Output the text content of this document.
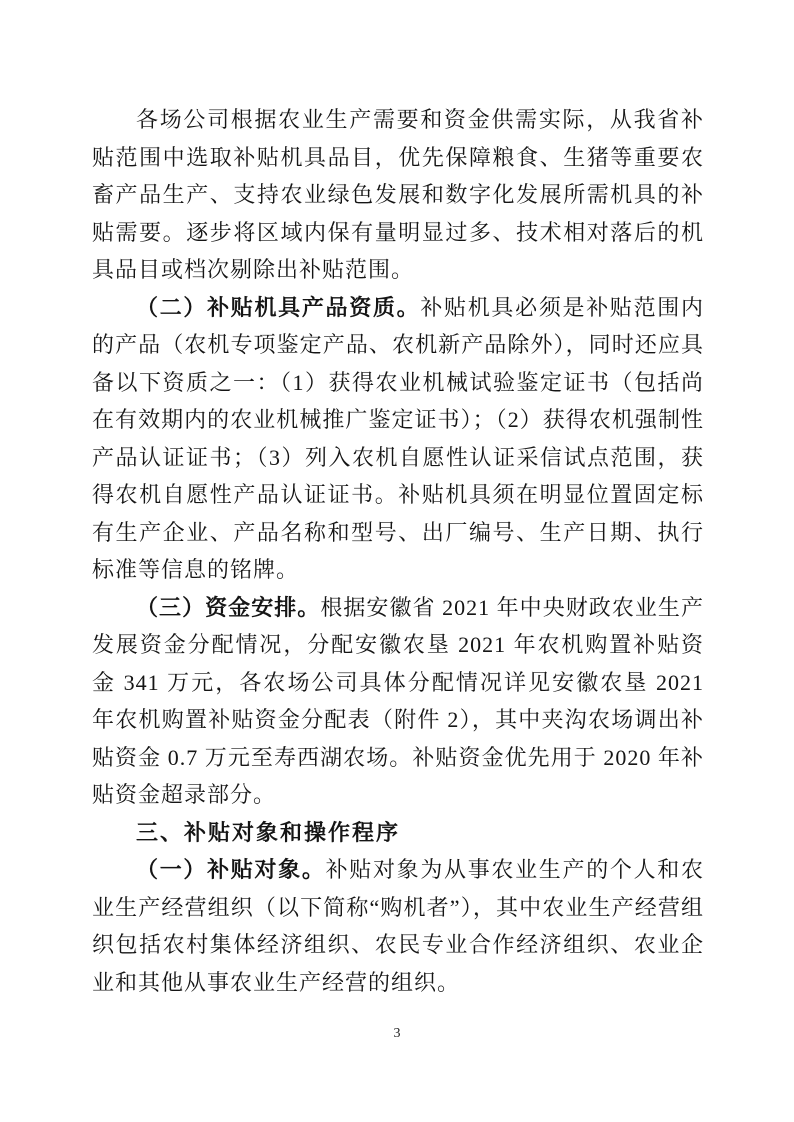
各场公司根据农业生产需要和资金供需实际，从我省补贴范围中选取补贴机具品目，优先保障粮食、生猪等重要农畜产品生产、支持农业绿色发展和数字化发展所需机具的补贴需要。逐步将区域内保有量明显过多、技术相对落后的机具品目或档次剔除出补贴范围。

（二）补贴机具产品资质。补贴机具必须是补贴范围内的产品（农机专项鉴定产品、农机新产品除外），同时还应具备以下资质之一：（1）获得农业机械试验鉴定证书（包括尚在有效期内的农业机械推广鉴定证书）；（2）获得农机强制性产品认证证书；（3）列入农机自愿性认证采信试点范围，获得农机自愿性产品认证证书。补贴机具须在明显位置固定标有生产企业、产品名称和型号、出厂编号、生产日期、执行标准等信息的铭牌。

（三）资金安排。根据安徽省 2021 年中央财政农业生产发展资金分配情况，分配安徽农垦 2021 年农机购置补贴资金 341 万元，各农场公司具体分配情况详见安徽农垦 2021 年农机购置补贴资金分配表（附件 2），其中夹沟农场调出补贴资金 0.7 万元至寿西湖农场。补贴资金优先用于 2020 年补贴资金超录部分。

三、补贴对象和操作程序

（一）补贴对象。补贴对象为从事农业生产的个人和农业生产经营组织（以下简称“购机者”），其中农业生产经营组织包括农村集体经济组织、农民专业合作经济组织、农业企业和其他从事农业生产经营的组织。

3
